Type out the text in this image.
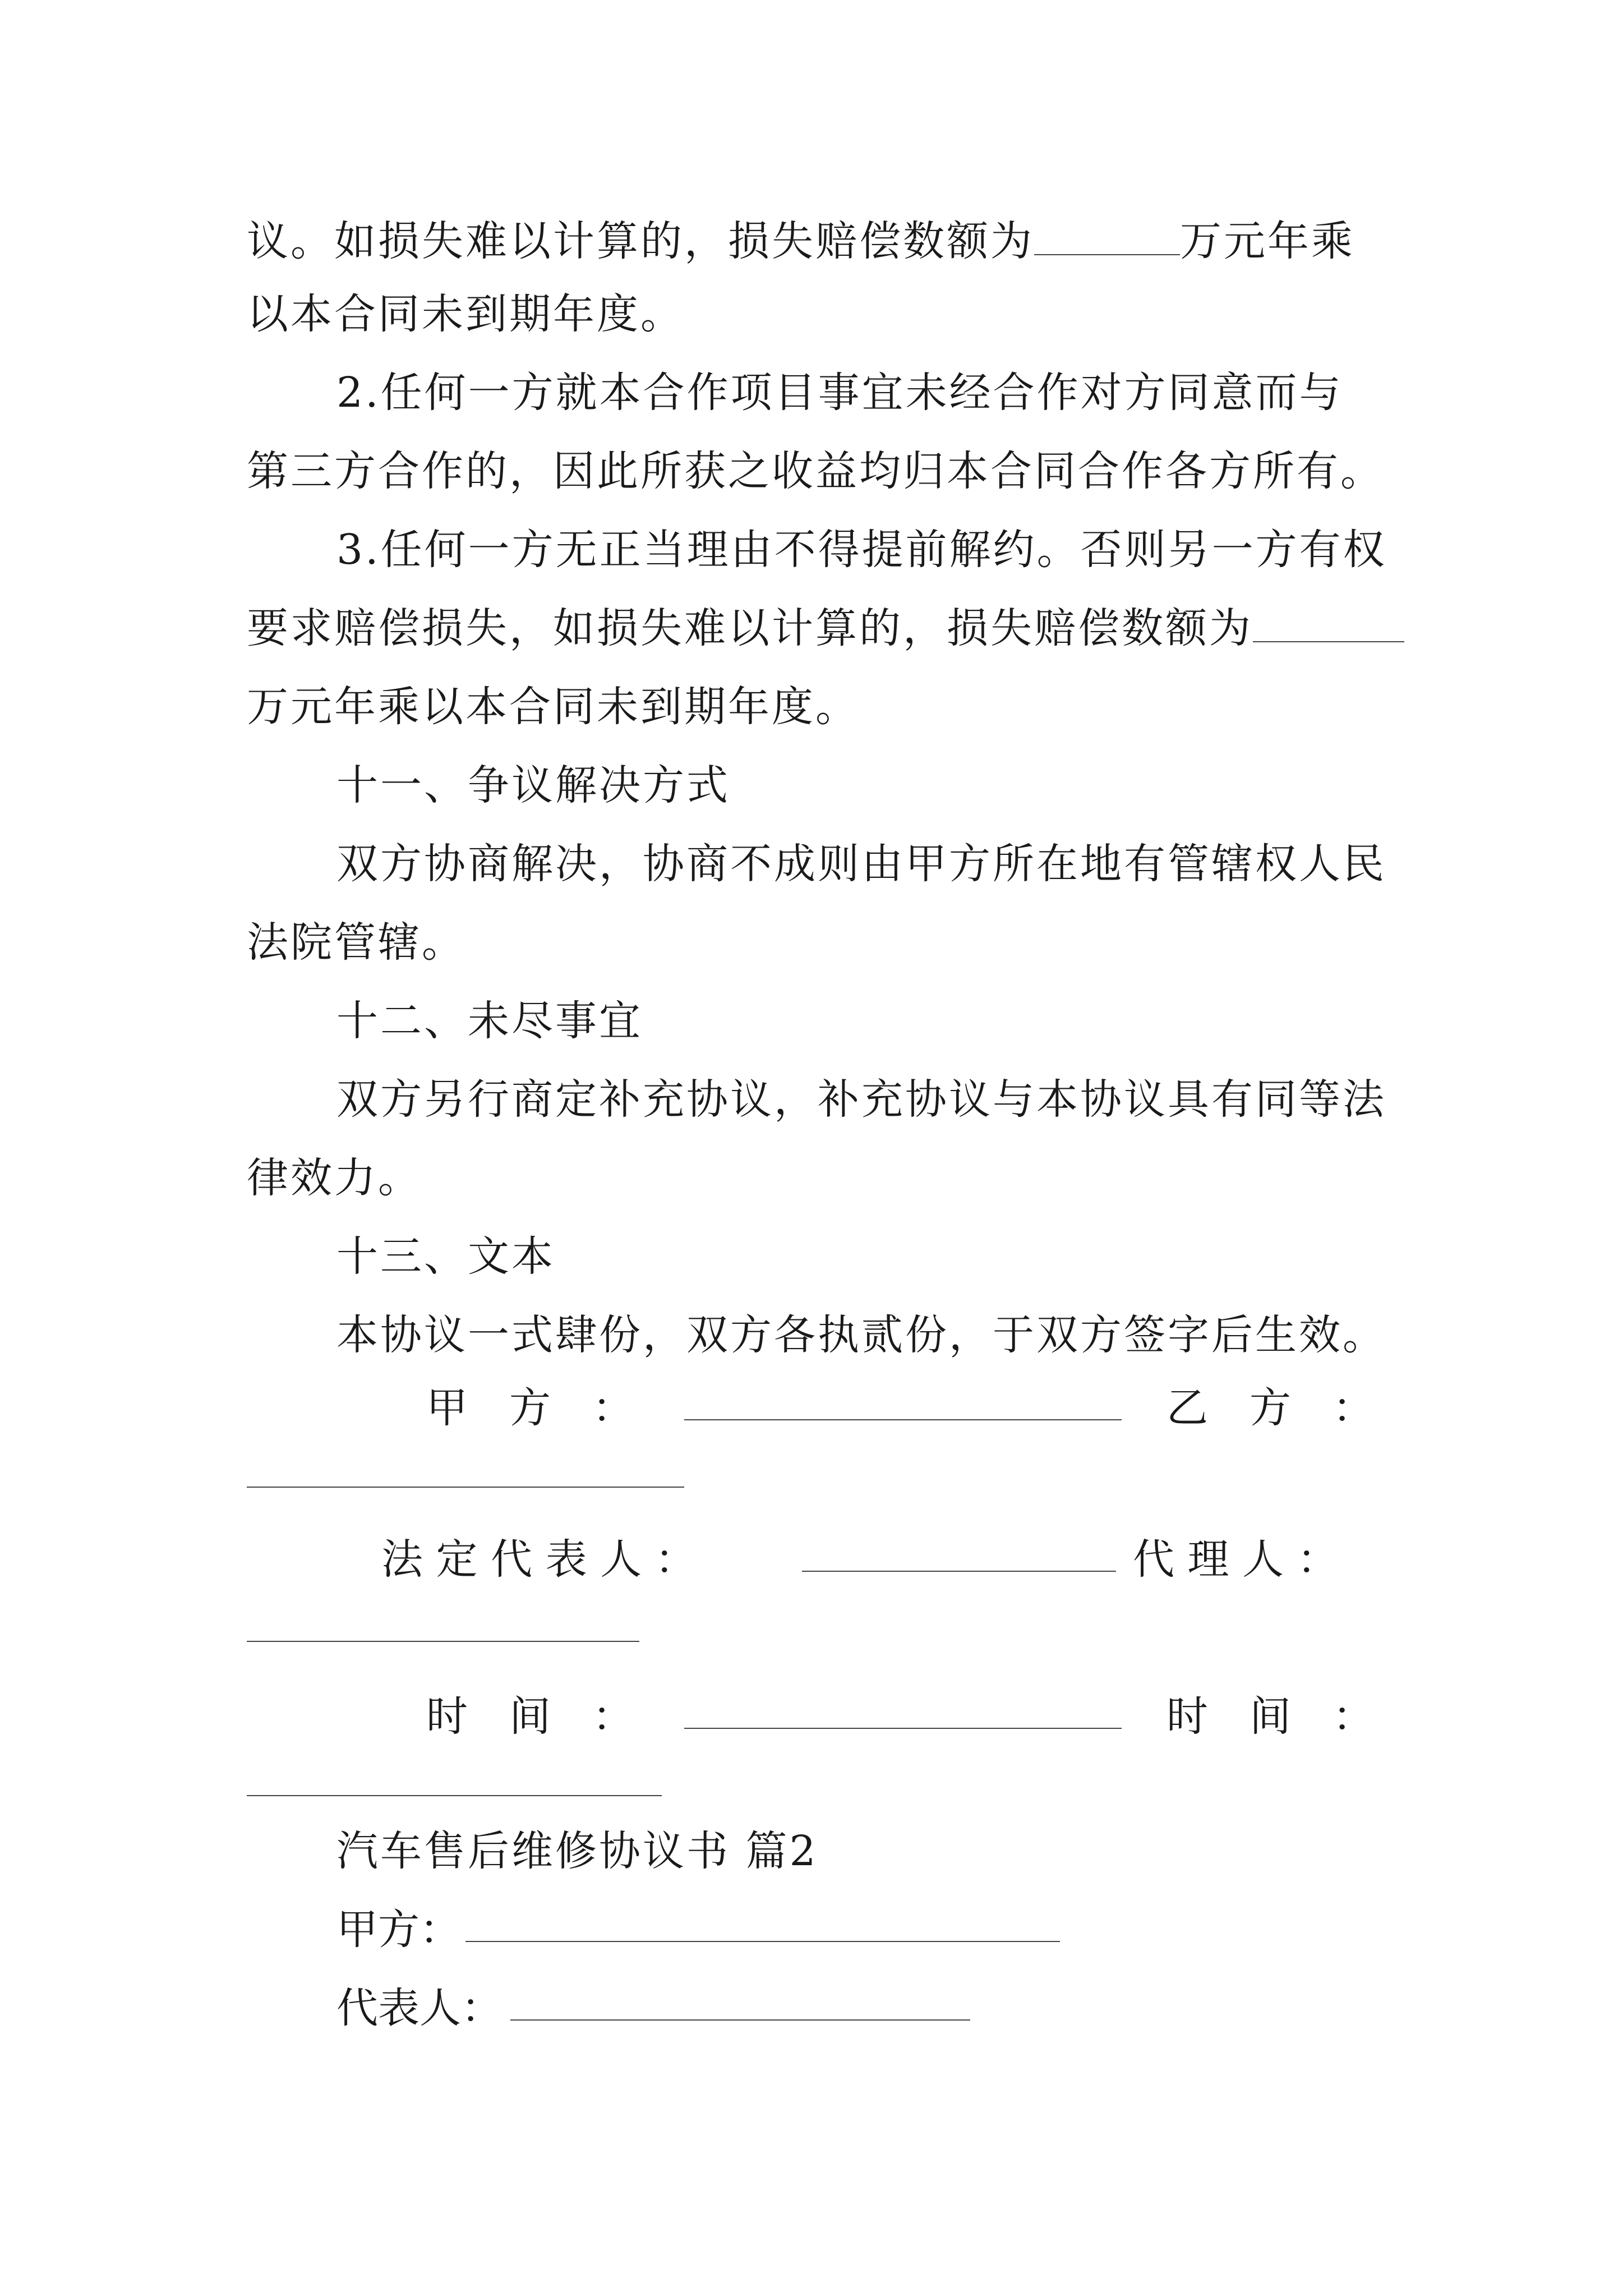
议。如损失难以计算的，损失赔偿数额为	万元年乘
以本合同未到期年度。
2.任何一方就本合作项目事宜未经合作对方同意而与
第三方合作的，因此所获之收益均归本合同合作各方所有。
3.任何一方无正当理由不得提前解约。否则另一方有权
要求赔偿损失，如损失难以计算的，损失赔偿数额为
万元年乘以本合同未到期年度。
十一、争议解决方式
双方协商解决，协商不成则由甲方所在地有管辖权人民
法院管辖。
十二、未尽事宜
双方另行商定补充协议，补充协议与本协议具有同等法
律效力。
十三、文本
本协议一式肆份，双方各执贰份，于双方签字后生效。
甲　方　：	乙　方　：
法 定 代 表 人 ：	代 理 人 ：
时　间　：	时　间　：
汽车售后维修协议书 篇2
甲方：
代表人：
